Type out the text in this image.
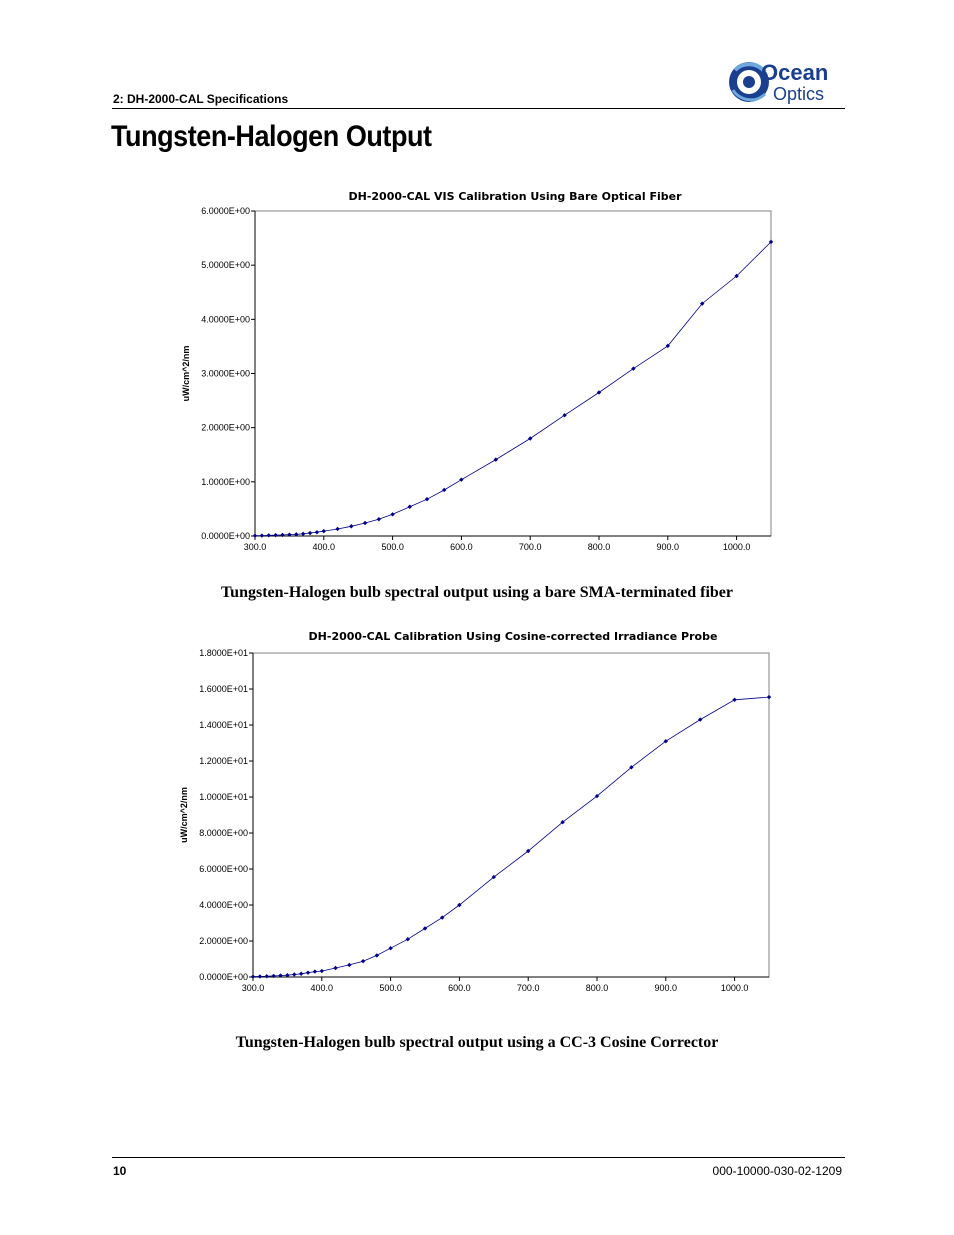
2: DH-2000-CAL Specifications
Tungsten-Halogen Output
Ocean
Optics
DH-2000-CAL VIS Calibration Using Bare Optical Fiber
0.0000E+00
1.0000E+00
2.0000E+00
3.0000E+00
4.0000E+00
5.0000E+00
6.0000E+00
300.0	400.0	500.0	600.0	700.0	800.0	900.0	1000.0
uW/cm^2/nm
Tungsten-Halogen bulb spectral output using a bare SMA-terminated fiber
DH-2000-CAL Calibration Using Cosine-corrected Irradiance Probe
0.0000E+00
2.0000E+00
4.0000E+00
6.0000E+00
8.0000E+00
1.0000E+01
1.2000E+01
1.4000E+01
1.6000E+01
1.8000E+01
300.0	400.0	500.0	600.0	700.0	800.0	900.0	1000.0
uW/cm^2/nm
Tungsten-Halogen bulb spectral output using a CC-3 Cosine Corrector
10	000-10000-030-02-1209
